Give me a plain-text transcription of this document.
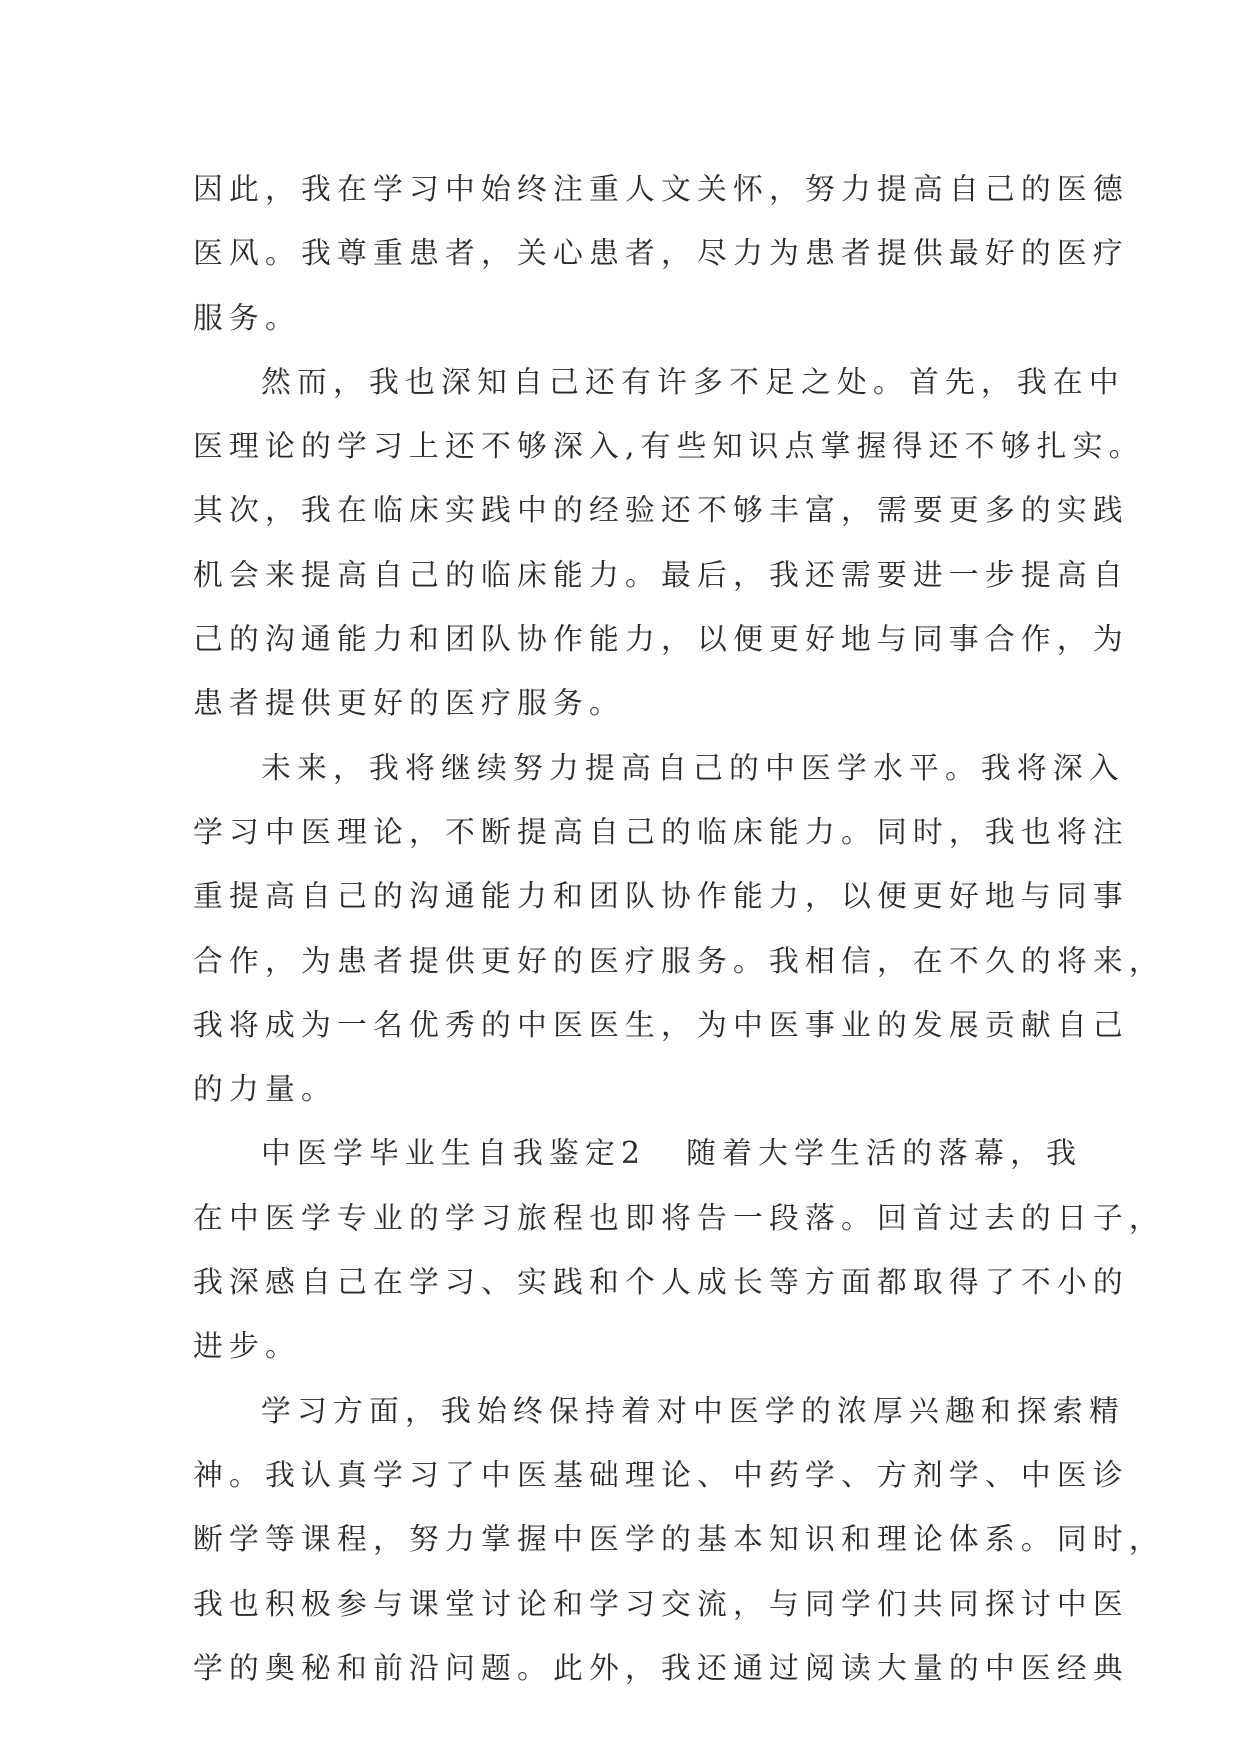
因此，我在学习中始终注重人文关怀，努力提高自己的医德
医风。我尊重患者，关心患者，尽力为患者提供最好的医疗
服务。
然而，我也深知自己还有许多不足之处。首先，我在中
医理论的学习上还不够深入,有些知识点掌握得还不够扎实。
其次，我在临床实践中的经验还不够丰富，需要更多的实践
机会来提高自己的临床能力。最后，我还需要进一步提高自
己的沟通能力和团队协作能力，以便更好地与同事合作，为
患者提供更好的医疗服务。
未来，我将继续努力提高自己的中医学水平。我将深入
学习中医理论，不断提高自己的临床能力。同时，我也将注
重提高自己的沟通能力和团队协作能力，以便更好地与同事
合作，为患者提供更好的医疗服务。我相信，在不久的将来，
我将成为一名优秀的中医医生，为中医事业的发展贡献自己
的力量。
中医学毕业生自我鉴定2 随着大学生活的落幕，我
在中医学专业的学习旅程也即将告一段落。回首过去的日子，
我深感自己在学习、实践和个人成长等方面都取得了不小的
进步。
学习方面，我始终保持着对中医学的浓厚兴趣和探索精
神。我认真学习了中医基础理论、中药学、方剂学、中医诊
断学等课程，努力掌握中医学的基本知识和理论体系。同时，
我也积极参与课堂讨论和学习交流，与同学们共同探讨中医
学的奥秘和前沿问题。此外，我还通过阅读大量的中医经典
